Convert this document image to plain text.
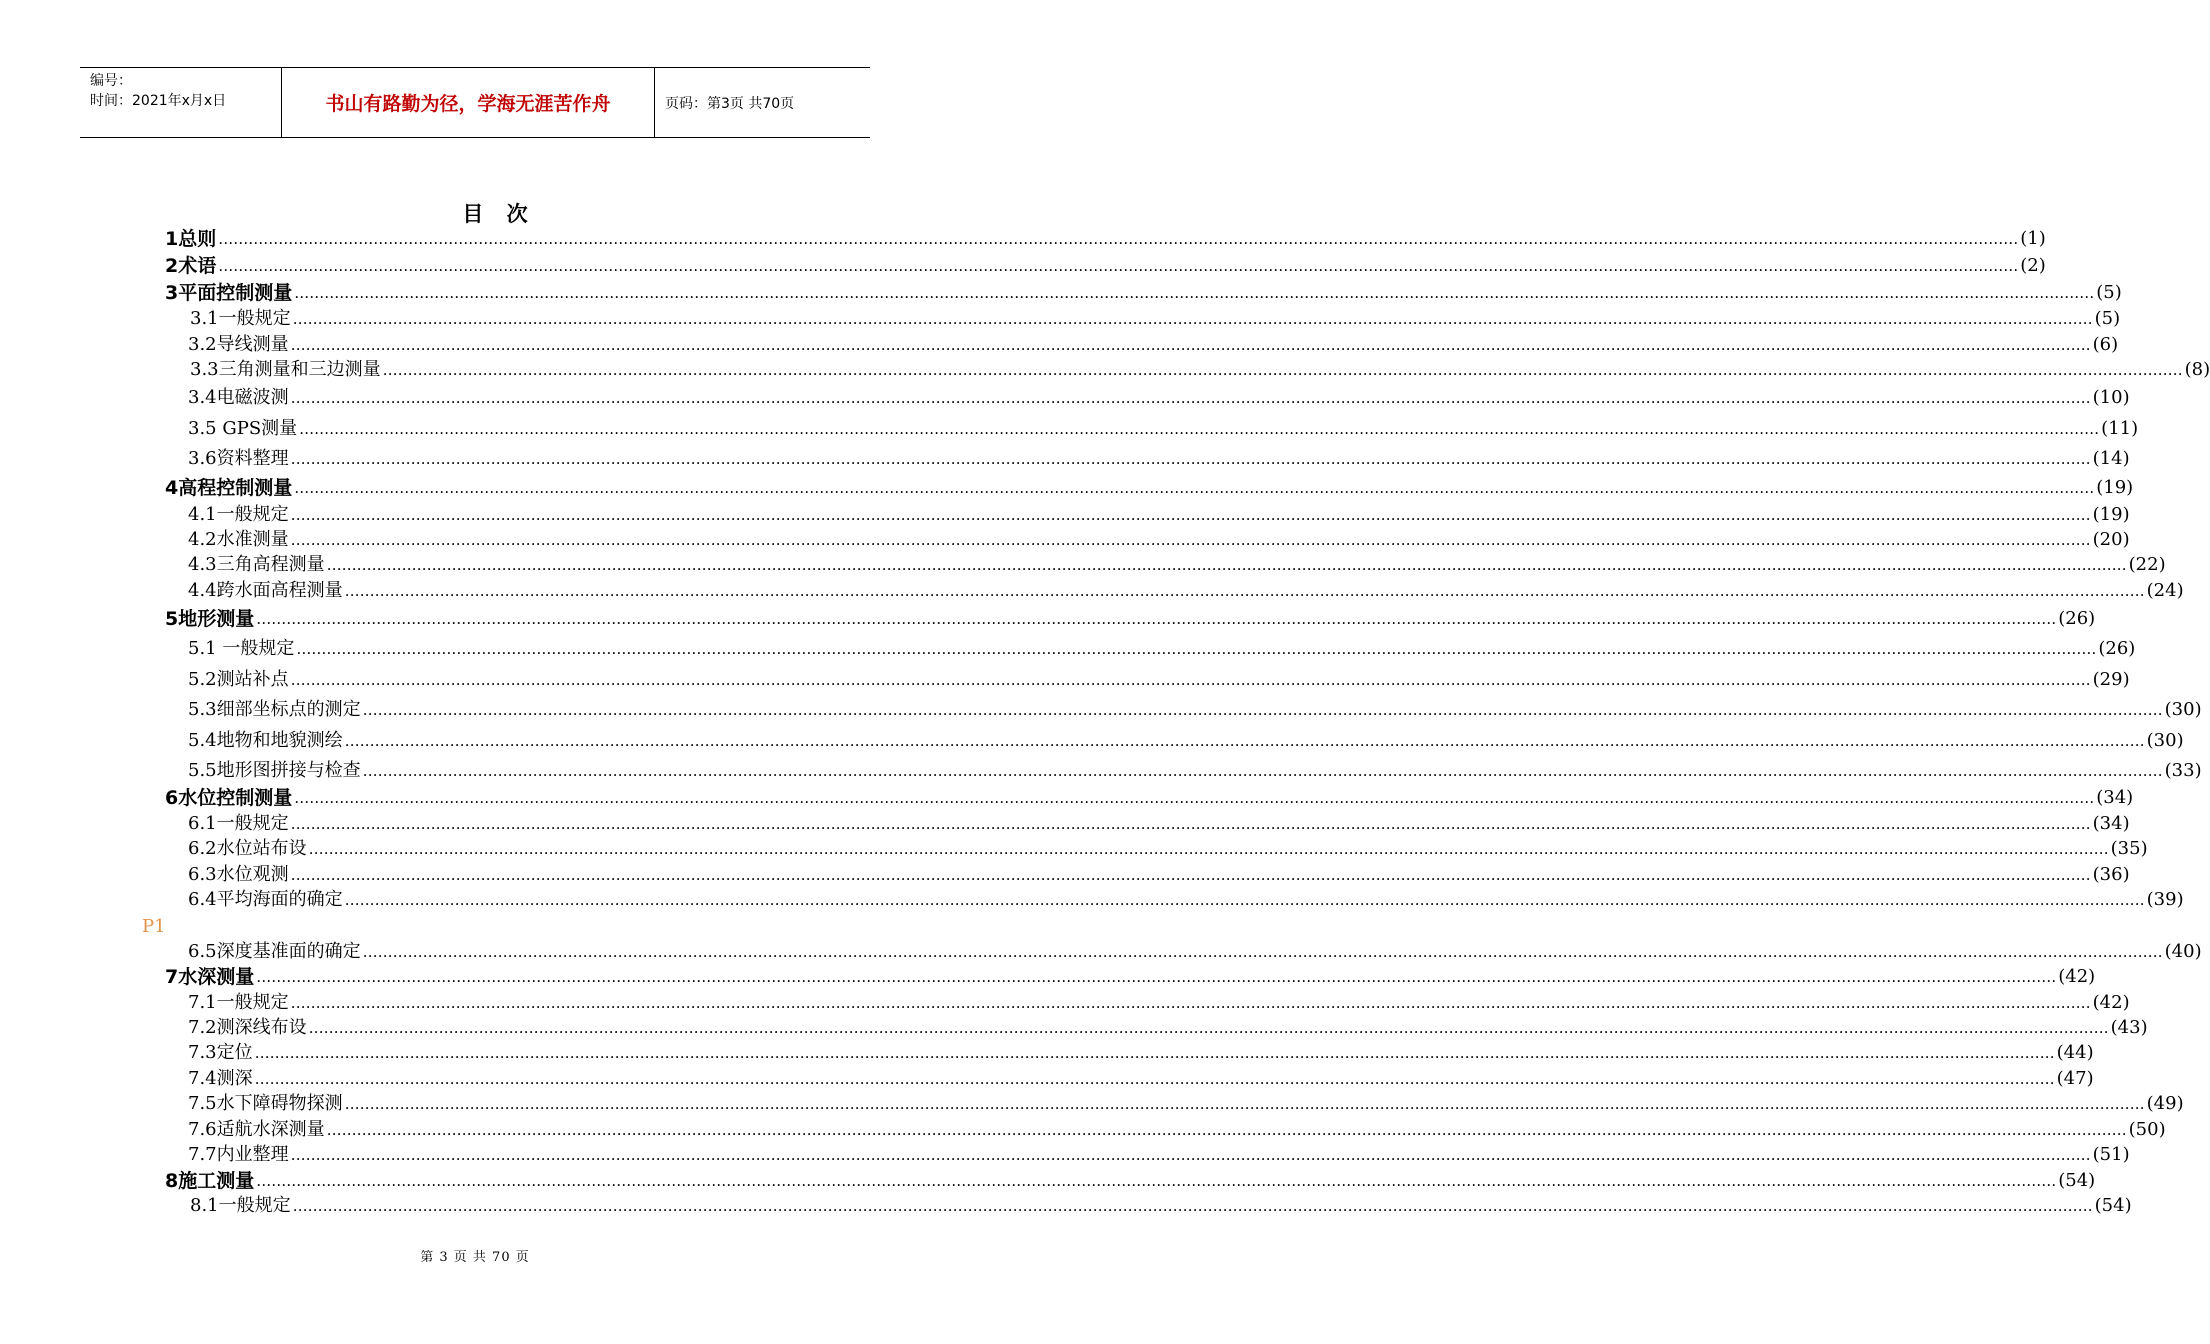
编号：
时间：2021年x月x日	书山有路勤为径，学海无涯苦作舟	页码：第3页 共70页
目 次
1总则 ……………………………………………………………………………………………………………………………………………………………………………………………………………………………………………………………………………………………………………………………… (1)
2术语 ……………………………………………………………………………………………………………………………………………………………………………………………………………………………………………………………………………………………………………………………… (2)
3平面控制测量 ……………………………………………………………………………………………………………………………………………………………………………………………………………………………………………………………………………………………………………………………… (5)
3.1一般规定 ……………………………………………………………………………………………………………………………………………………………………………………………………………………………………………………………………………………………………………………………… (5)
3.2导线测量 ……………………………………………………………………………………………………………………………………………………………………………………………………………………………………………………………………………………………………………………………… (6)
3.3三角测量和三边测量 ……………………………………………………………………………………………………………………………………………………………………………………………………………………………………………………………………………………………………………………………… (8)
3.4电磁波测 ……………………………………………………………………………………………………………………………………………………………………………………………………………………………………………………………………………………………………………………………… (10)
3.5 GPS测量 ……………………………………………………………………………………………………………………………………………………………………………………………………………………………………………………………………………………………………………………………… (11)
3.6资料整理 ……………………………………………………………………………………………………………………………………………………………………………………………………………………………………………………………………………………………………………………………… (14)
4高程控制测量 ……………………………………………………………………………………………………………………………………………………………………………………………………………………………………………………………………………………………………………………………… (19)
4.1一般规定 ……………………………………………………………………………………………………………………………………………………………………………………………………………………………………………………………………………………………………………………………… (19)
4.2水准测量 ……………………………………………………………………………………………………………………………………………………………………………………………………………………………………………………………………………………………………………………………… (20)
4.3三角高程测量 ……………………………………………………………………………………………………………………………………………………………………………………………………………………………………………………………………………………………………………………………… (22)
4.4跨水面高程测量 ……………………………………………………………………………………………………………………………………………………………………………………………………………………………………………………………………………………………………………………………… (24)
5地形测量 ……………………………………………………………………………………………………………………………………………………………………………………………………………………………………………………………………………………………………………………………… (26)
5.1 一般规定 ……………………………………………………………………………………………………………………………………………………………………………………………………………………………………………………………………………………………………………………………… (26)
5.2测站补点 ……………………………………………………………………………………………………………………………………………………………………………………………………………………………………………………………………………………………………………………………… (29)
5.3细部坐标点的测定 ……………………………………………………………………………………………………………………………………………………………………………………………………………………………………………………………………………………………………………………………… (30)
5.4地物和地貌测绘 ……………………………………………………………………………………………………………………………………………………………………………………………………………………………………………………………………………………………………………………………… (30)
5.5地形图拼接与检查 ……………………………………………………………………………………………………………………………………………………………………………………………………………………………………………………………………………………………………………………………… (33)
6水位控制测量 ……………………………………………………………………………………………………………………………………………………………………………………………………………………………………………………………………………………………………………………………… (34)
6.1一般规定 ……………………………………………………………………………………………………………………………………………………………………………………………………………………………………………………………………………………………………………………………… (34)
6.2水位站布设 ……………………………………………………………………………………………………………………………………………………………………………………………………………………………………………………………………………………………………………………………… (35)
6.3水位观测 ……………………………………………………………………………………………………………………………………………………………………………………………………………………………………………………………………………………………………………………………… (36)
6.4平均海面的确定 ……………………………………………………………………………………………………………………………………………………………………………………………………………………………………………………………………………………………………………………………… (39)
6.5深度基准面的确定 ……………………………………………………………………………………………………………………………………………………………………………………………………………………………………………………………………………………………………………………………… (40)
7水深测量 ……………………………………………………………………………………………………………………………………………………………………………………………………………………………………………………………………………………………………………………………… (42)
7.1一般规定 ……………………………………………………………………………………………………………………………………………………………………………………………………………………………………………………………………………………………………………………………… (42)
7.2测深线布设 ……………………………………………………………………………………………………………………………………………………………………………………………………………………………………………………………………………………………………………………………… (43)
7.3定位 ……………………………………………………………………………………………………………………………………………………………………………………………………………………………………………………………………………………………………………………………… (44)
7.4测深 ……………………………………………………………………………………………………………………………………………………………………………………………………………………………………………………………………………………………………………………………… (47)
7.5水下障碍物探测 ……………………………………………………………………………………………………………………………………………………………………………………………………………………………………………………………………………………………………………………………… (49)
7.6适航水深测量 ……………………………………………………………………………………………………………………………………………………………………………………………………………………………………………………………………………………………………………………………… (50)
7.7内业整理 ……………………………………………………………………………………………………………………………………………………………………………………………………………………………………………………………………………………………………………………………… (51)
8施工测量 ……………………………………………………………………………………………………………………………………………………………………………………………………………………………………………………………………………………………………………………………… (54)
8.1一般规定 ……………………………………………………………………………………………………………………………………………………………………………………………………………………………………………………………………………………………………………………………… (54)
P1
第 3 页 共 70 页
